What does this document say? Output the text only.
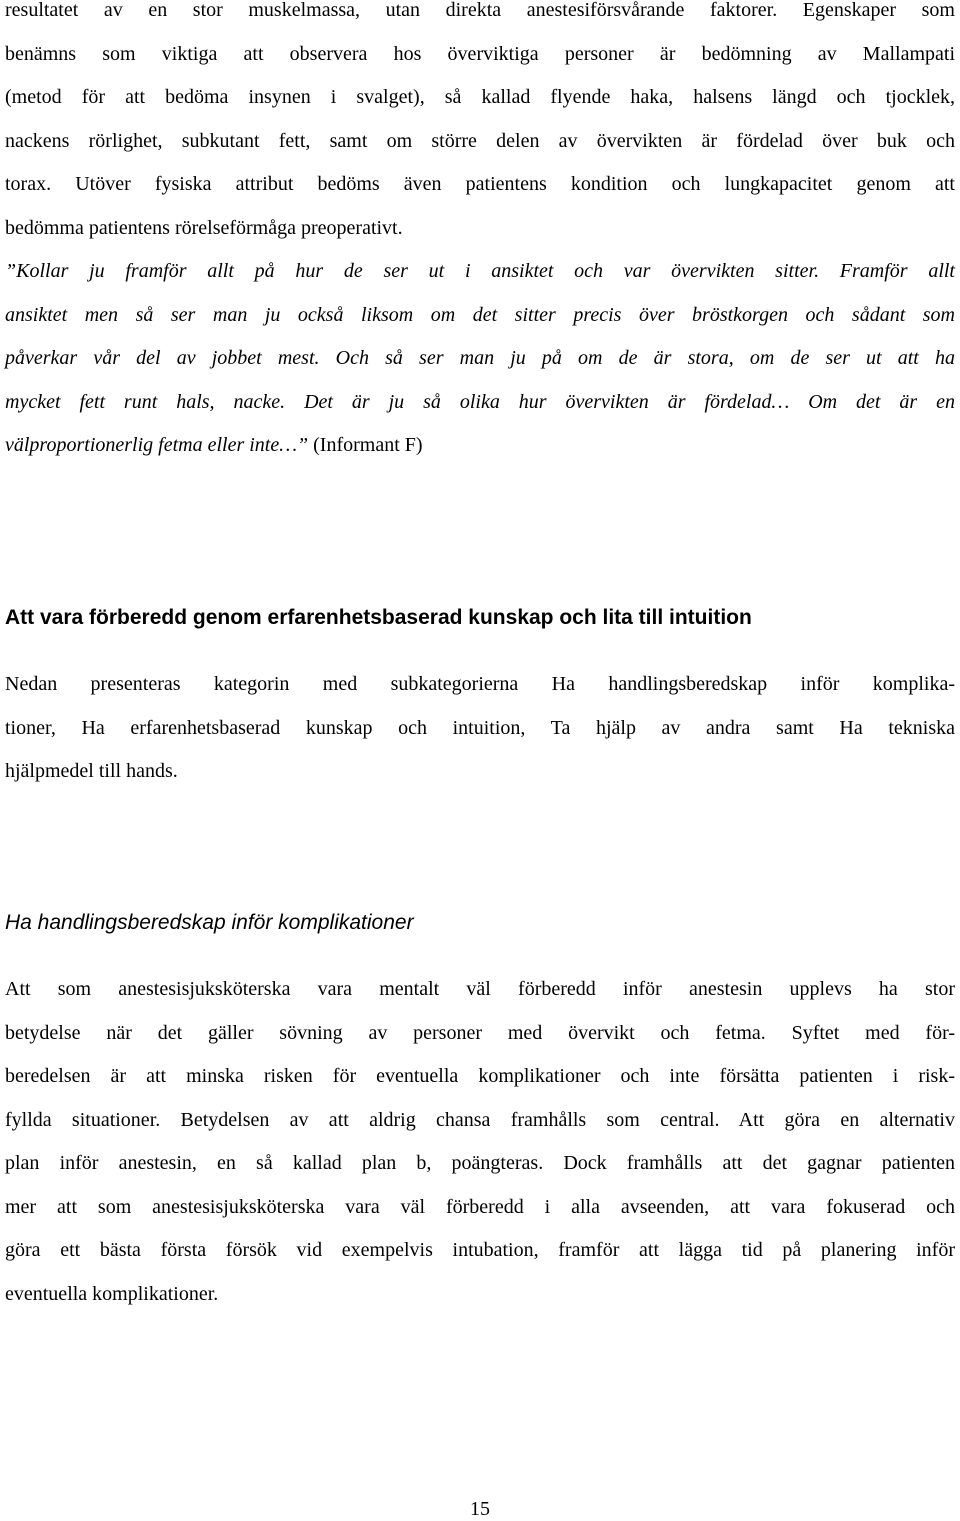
resultatet av en stor muskelmassa, utan direkta anestesiförsvårande faktorer. Egenskaper som
benämns som viktiga att observera hos överviktiga personer är bedömning av Mallampati
(metod för att bedöma insynen i svalget), så kallad flyende haka, halsens längd och tjocklek,
nackens rörlighet, subkutant fett, samt om större delen av övervikten är fördelad över buk och
torax. Utöver fysiska attribut bedöms även patientens kondition och lungkapacitet genom att
bedömma patientens rörelseförmåga preoperativt.

”Kollar ju framför allt på hur de ser ut i ansiktet och var övervikten sitter. Framför allt
ansiktet men så ser man ju också liksom om det sitter precis över bröstkorgen och sådant som
påverkar vår del av jobbet mest. Och så ser man ju på om de är stora, om de ser ut att ha
mycket fett runt hals, nacke. Det är ju så olika hur övervikten är fördelad… Om det är en
välproportionerlig fetma eller inte…” (Informant F)

Att vara förberedd genom erfarenhetsbaserad kunskap och lita till intuition

Nedan presenteras kategorin med subkategorierna Ha handlingsberedskap inför komplika-
tioner, Ha erfarenhetsbaserad kunskap och intuition, Ta hjälp av andra samt Ha tekniska
hjälpmedel till hands.

Ha handlingsberedskap inför komplikationer

Att som anestesisjuksköterska vara mentalt väl förberedd inför anestesin upplevs ha stor
betydelse när det gäller sövning av personer med övervikt och fetma. Syftet med för-
beredelsen är att minska risken för eventuella komplikationer och inte försätta patienten i risk-
fyllda situationer. Betydelsen av att aldrig chansa framhålls som central. Att göra en alternativ
plan inför anestesin, en så kallad plan b, poängteras. Dock framhålls att det gagnar patienten
mer att som anestesisjuksköterska vara väl förberedd i alla avseenden, att vara fokuserad och
göra ett bästa första försök vid exempelvis intubation, framför att lägga tid på planering inför
eventuella komplikationer.

15
